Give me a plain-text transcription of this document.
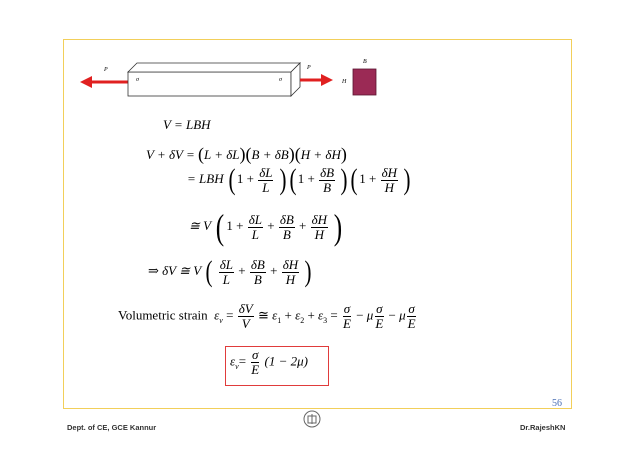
P
σ	σ
P
B
H
V = LBH
V + δV = (L + δL)(B + δB)(H + δH)
= LBH ( $1 + \frac{\delta L}{L}$ ) ( $1 + \frac{\delta B}{B}$ ) ( $1 + \frac{\delta H}{H}$ )
≅ V ( $1 + \frac{\delta L}{L} + \frac{\delta B}{B} + \frac{\delta H}{H}$ )
⇒ δV ≅ V ( $\frac{\delta L}{L} + \frac{\delta B}{B} + \frac{\delta H}{H}$ )
Volumetric strain $\varepsilon_v = \frac{\delta V}{V}$ ≅ $\varepsilon_1 + \varepsilon_2 + \varepsilon_3 = \frac{\sigma}{E} - \mu \frac{\sigma}{E} - \mu \frac{\sigma}{E}$
$\varepsilon_v= \frac{\sigma}{E} (1 - 2\mu)$
56
Dept. of CE, GCE Kannur	Dr.RajeshKN
